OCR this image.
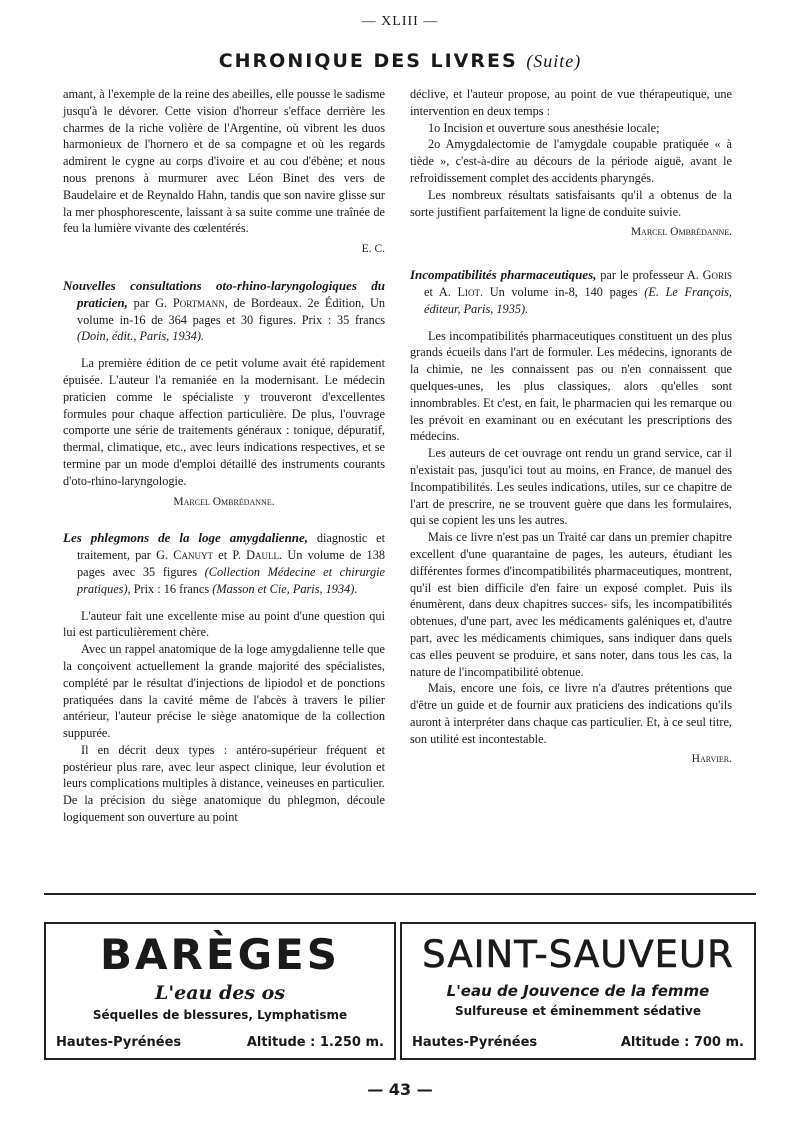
— XLIII —
CHRONIQUE DES LIVRES (Suite)

amant, à l'exemple de la reine des abeilles, elle pousse le sadisme jusqu'à le dévorer. Cette vision d'horreur s'efface derrière les charmes de la riche volière de l'Argentine, où vibrent les duos harmonieux de l'hornero et de sa compagne et où les regards admirent le cygne au corps d'ivoire et au cou d'ébène; et nous nous prenons à murmurer avec Léon Binet des vers de Baudelaire et de Reynaldo Hahn, tandis que son navire glisse sur la mer phosphorescente, laissant à sa suite comme une traînée de feu la lumière vivante des cœlentérés.

E. C.

Nouvelles consultations oto-rhino-laryngologiques du praticien, par G. Portmann, de Bordeaux. 2e Édition, Un volume in-16 de 364 pages et 30 figures. Prix : 35 francs (Doin, édit., Paris, 1934).

La première édition de ce petit volume avait été rapidement épuisée. L'auteur l'a remaniée en la modernisant. Le médecin praticien comme le spécialiste y trouveront d'excellentes formules pour chaque affection particulière. De plus, l'ouvrage comporte une série de traitements généraux : tonique, dépuratif, thermal, climatique, etc., avec leurs indications respectives, et se termine par un mode d'emploi détaillé des instruments courants d'oto-rhino-laryngologie.

Marcel Ombrédanne.

Les phlegmons de la loge amygdalienne, diagnostic et traitement, par G. Canuyt et P. Daull. Un volume de 138 pages avec 35 figures (Collection Médecine et chirurgie pratiques), Prix : 16 francs (Masson et Cie, Paris, 1934).

L'auteur fait une excellente mise au point d'une question qui lui est particulièrement chère.

Avec un rappel anatomique de la loge amygdalienne telle que la conçoivent actuellement la grande majorité des spécialistes, complété par le résultat d'injections de lipiodol et de ponctions pratiquées dans la cavité même de l'abcès à travers le pilier antérieur, l'auteur précise le siège anatomique de la collection suppurée.

Il en décrit deux types : antéro-supérieur fréquent et postérieur plus rare, avec leur aspect clinique, leur évolution et leurs complications multiples à distance, veineuses en particulier. De la précision du siège anatomique du phlegmon, découle logiquement son ouverture au point

déclive, et l'auteur propose, au point de vue thérapeutique, une intervention en deux temps :

1o Incision et ouverture sous anesthésie locale;

2o Amygdalectomie de l'amygdale coupable pratiquée « à tiède », c'est-à-dire au décours de la période aiguë, avant le refroidissement complet des accidents pharyngés.

Les nombreux résultats satisfaisants qu'il a obtenus de la sorte justifient parfaitement la ligne de conduite suivie.

Marcel Ombrédanne.

Incompatibilités pharmaceutiques, par le professeur A. Goris et A. Liot. Un volume in-8, 140 pages (E. Le François, éditeur, Paris, 1935).

Les incompatibilités pharmaceutiques constituent un des plus grands écueils dans l'art de formuler. Les médecins, ignorants de la chimie, ne les connaissent pas ou n'en connaissent que quelques-unes, les plus classiques, alors qu'elles sont innombrables. Et c'est, en fait, le pharmacien qui les remarque ou les prévoit en examinant ou en exécutant les prescriptions des médecins.

Les auteurs de cet ouvrage ont rendu un grand service, car il n'existait pas, jusqu'ici tout au moins, en France, de manuel des Incompatibilités. Les seules indications, utiles, sur ce chapitre de l'art de prescrire, ne se trouvent guère que dans les formulaires, qui se copient les uns les autres.

Mais ce livre n'est pas un Traité car dans un premier chapitre excellent d'une quarantaine de pages, les auteurs, étudiant les différentes formes d'incompatibilités pharmaceutiques, montrent, qu'il est bien difficile d'en faire un exposé complet. Puis ils énumèrent, dans deux chapitres succes- sifs, les incompatibilités obtenues, d'une part, avec les médicaments galéniques et, d'autre part, avec les médicaments chimiques, sans indiquer dans quels cas elles peuvent se produire, et sans noter, dans tous les cas, la nature de l'incompatibilité obtenue.

Mais, encore une fois, ce livre n'a d'autres prétentions que d'être un guide et de fournir aux praticiens des indications qu'ils auront à interpréter dans chaque cas particulier. Et, à ce seul titre, son utilité est incontestable.

Harvier.

BARÈGES
L'eau des os
Séquelles de blessures, Lymphatisme
Hautes-Pyrénées	Altitude : 1.250 m.
SAINT-SAUVEUR
L'eau de Jouvence de la femme
Sulfureuse et éminemment sédative
Hautes-Pyrénées	Altitude : 700 m.
— 43 —
